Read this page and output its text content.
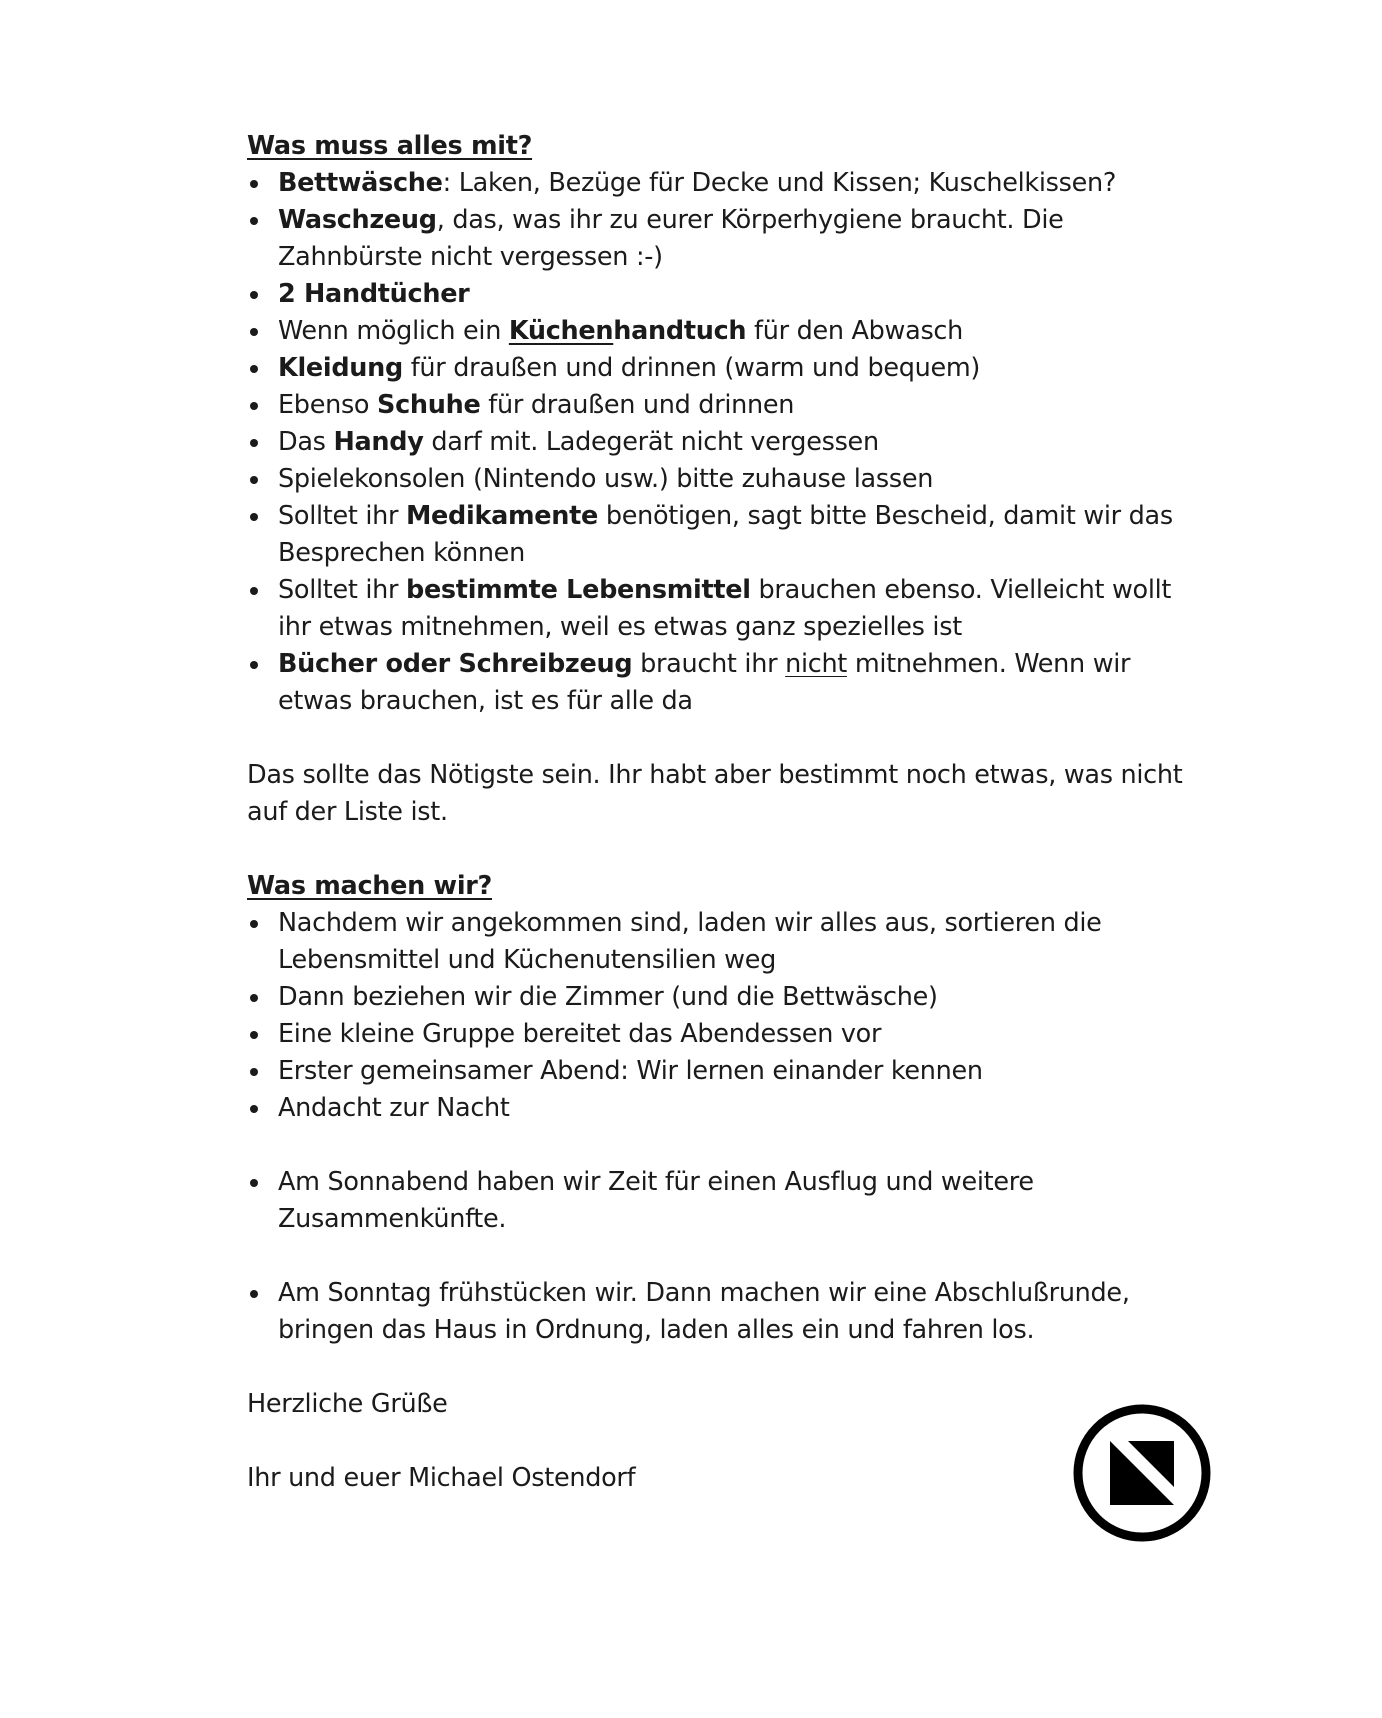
Was muss alles mit?

Bettwäsche: Laken, Bezüge für Decke und Kissen; Kuschelkissen?
Waschzeug, das, was ihr zu eurer Körperhygiene braucht. Die Zahnbürste nicht vergessen :-)
2 Handtücher
Wenn möglich ein Küchenhandtuch für den Abwasch
Kleidung für draußen und drinnen (warm und bequem)
Ebenso Schuhe für draußen und drinnen
Das Handy darf mit. Ladegerät nicht vergessen
Spielekonsolen (Nintendo usw.) bitte zuhause lassen
Solltet ihr Medikamente benötigen, sagt bitte Bescheid, damit wir das Besprechen können
Solltet ihr bestimmte Lebensmittel brauchen ebenso. Vielleicht wollt ihr etwas mitnehmen, weil es etwas ganz spezielles ist
Bücher oder Schreibzeug braucht ihr nicht mitnehmen. Wenn wir etwas brauchen, ist es für alle da

Das sollte das Nötigste sein. Ihr habt aber bestimmt noch etwas, was nicht auf der Liste ist.

Was machen wir?

Nachdem wir angekommen sind, laden wir alles aus, sortieren die Lebensmittel und Küchenutensilien weg
Dann beziehen wir die Zimmer (und die Bettwäsche)
Eine kleine Gruppe bereitet das Abendessen vor
Erster gemeinsamer Abend: Wir lernen einander kennen
Andacht zur Nacht
Am Sonnabend haben wir Zeit für einen Ausflug und weitere Zusammenkünfte.
Am Sonntag frühstücken wir. Dann machen wir eine Abschlußrunde, bringen das Haus in Ordnung, laden alles ein und fahren los.

Herzliche Grüße

Ihr und euer Michael Ostendorf
